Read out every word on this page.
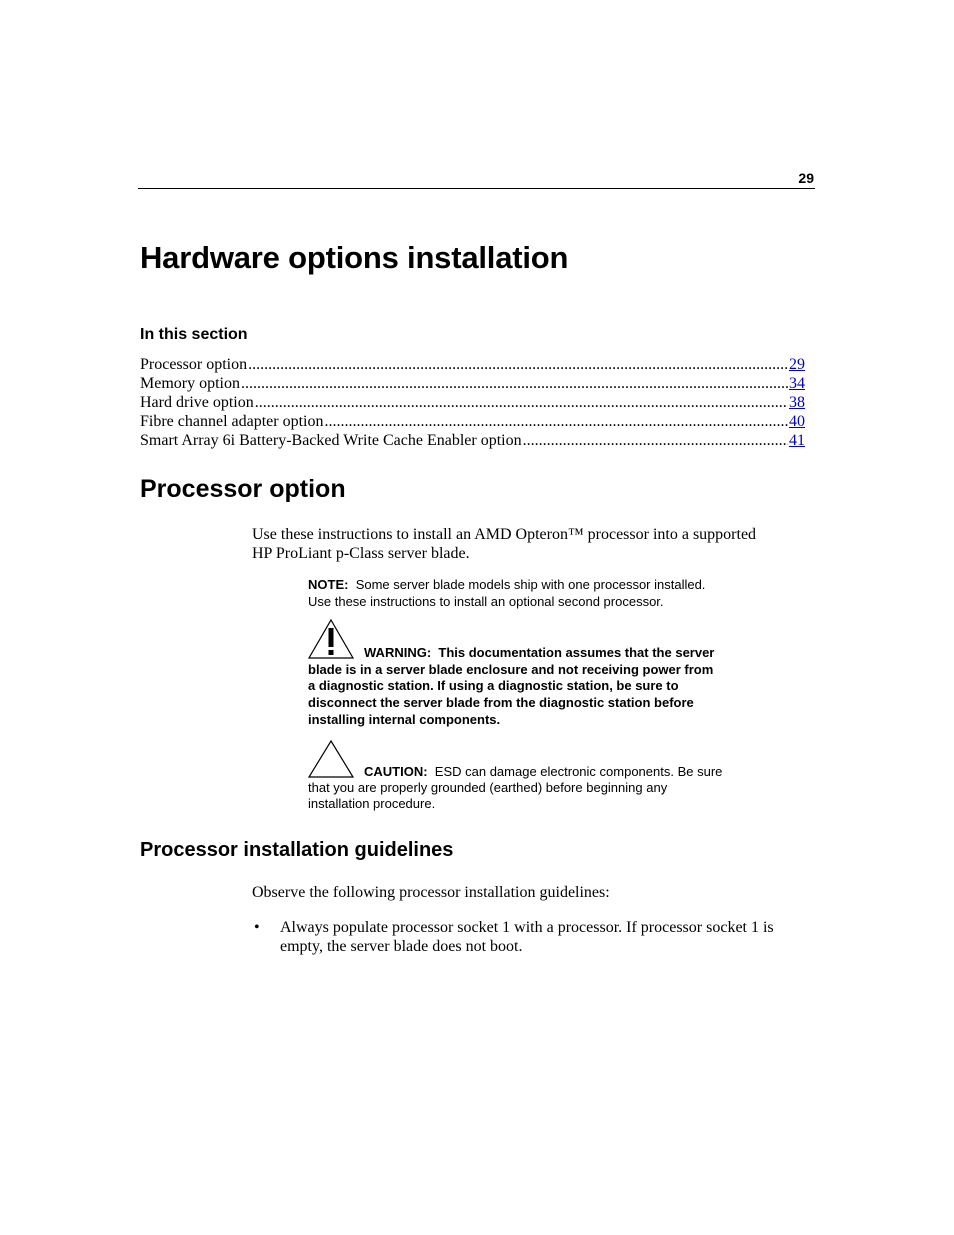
29
Hardware options installation
In this section
Processor option .....	29
Memory option .....	34
Hard drive option .....	38
Fibre channel adapter option .....	40
Smart Array 6i Battery-Backed Write Cache Enabler option .....	41
Processor option

Use these instructions to install an AMD Opteron™ processor into a supported
HP ProLiant p-Class server blade.

NOTE: Some server blade models ship with one processor installed.
Use these instructions to install an optional second processor.

WARNING: This documentation assumes that the server
blade is in a server blade enclosure and not receiving power from
a diagnostic station. If using a diagnostic station, be sure to
disconnect the server blade from the diagnostic station before
installing internal components.

CAUTION: ESD can damage electronic components. Be sure
that you are properly grounded (earthed) before beginning any
installation procedure.

Processor installation guidelines

Observe the following processor installation guidelines:

• Always populate processor socket 1 with a processor. If processor socket 1 is
empty, the server blade does not boot.
